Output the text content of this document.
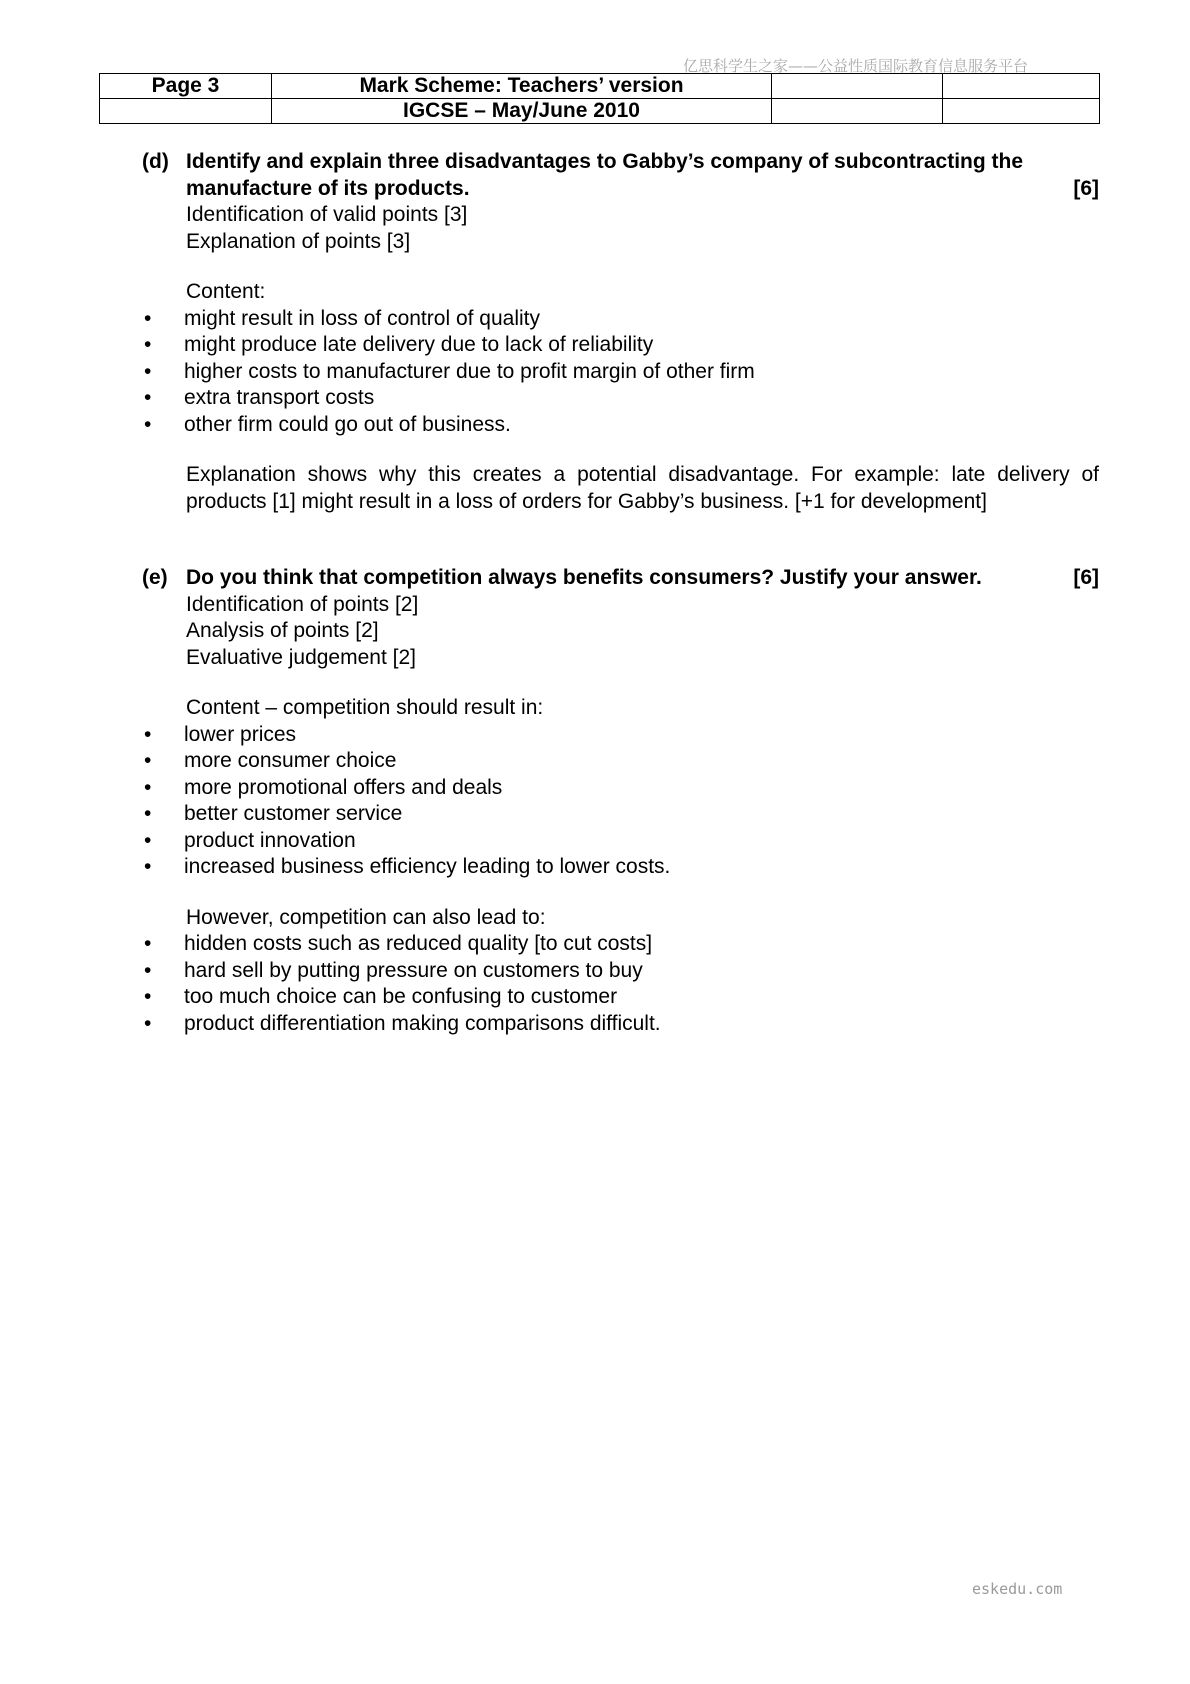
亿思科学生之家——公益性质国际教育信息服务平台
Page 3	Mark Scheme: Teachers’ version		
	IGCSE – May/June 2010		
(d) Identify and explain three disadvantages to Gabby’s company of subcontracting the
manufacture of its products.	[6]

Identification of valid points [3]

Explanation of points [3]

Content:

• might result in loss of control of quality
• might produce late delivery due to lack of reliability
• higher costs to manufacturer due to profit margin of other firm
• extra transport costs
• other firm could go out of business.

Explanation shows why this creates a potential disadvantage. For example: late delivery of products [1] might result in a loss of orders for Gabby’s business. [+1 for development]

(e) Do you think that competition always benefits consumers? Justify your answer.	[6]

Identification of points [2]

Analysis of points [2]

Evaluative judgement [2]

Content – competition should result in:

• lower prices
• more consumer choice
• more promotional offers and deals
• better customer service
• product innovation
• increased business efficiency leading to lower costs.

However, competition can also lead to:

• hidden costs such as reduced quality [to cut costs]
• hard sell by putting pressure on customers to buy
• too much choice can be confusing to customer
• product differentiation making comparisons difficult.
eskedu.com
